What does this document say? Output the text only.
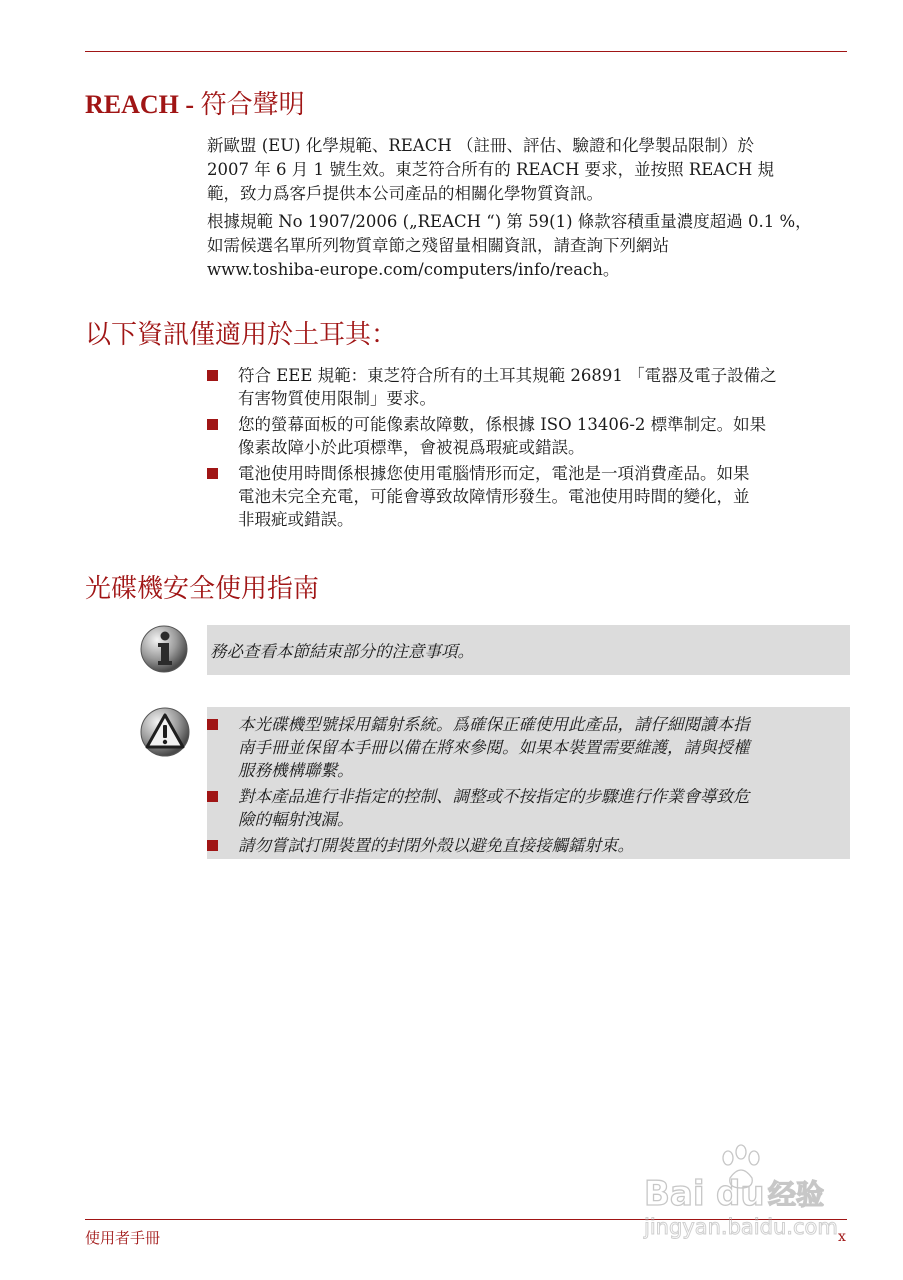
REACH - 符合聲明

新歐盟 (EU) 化學規範、REACH （註冊、評估、驗證和化學製品限制）於
2007 年 6 月 1 號生效。東芝符合所有的 REACH 要求，並按照 REACH 規
範，致力爲客戶提供本公司產品的相關化學物質資訊。

根據規範 No 1907/2006 („REACH “) 第 59(1) 條款容積重量濃度超過 0.1 %，
如需候選名單所列物質章節之殘留量相關資訊，請查詢下列網站
www.toshiba-europe.com/computers/info/reach。

以下資訊僅適用於土耳其：
符合 EEE 規範：東芝符合所有的土耳其規範 26891 「電器及電子設備之
有害物質使用限制」要求。
您的螢幕面板的可能像素故障數，係根據 ISO 13406-2 標準制定。如果
像素故障小於此項標準，會被視爲瑕疵或錯誤。
電池使用時間係根據您使用電腦情形而定，電池是一項消費產品。如果
電池未完全充電，可能會導致故障情形發生。電池使用時間的變化，並
非瑕疵或錯誤。
光碟機安全使用指南
務必查看本節結束部分的注意事項。
本光碟機型號採用鐳射系統。爲確保正確使用此產品，請仔細閱讀本指
南手冊並保留本手冊以備在將來參閱。如果本裝置需要維護，請與授權
服務機構聯繫。
對本產品進行非指定的控制、調整或不按指定的步驟進行作業會導致危
險的輻射洩漏。
請勿嘗試打開裝置的封閉外殼以避免直接接觸鐳射束。
使用者手冊	x
Bai du 经验
jingyan.baidu.com
